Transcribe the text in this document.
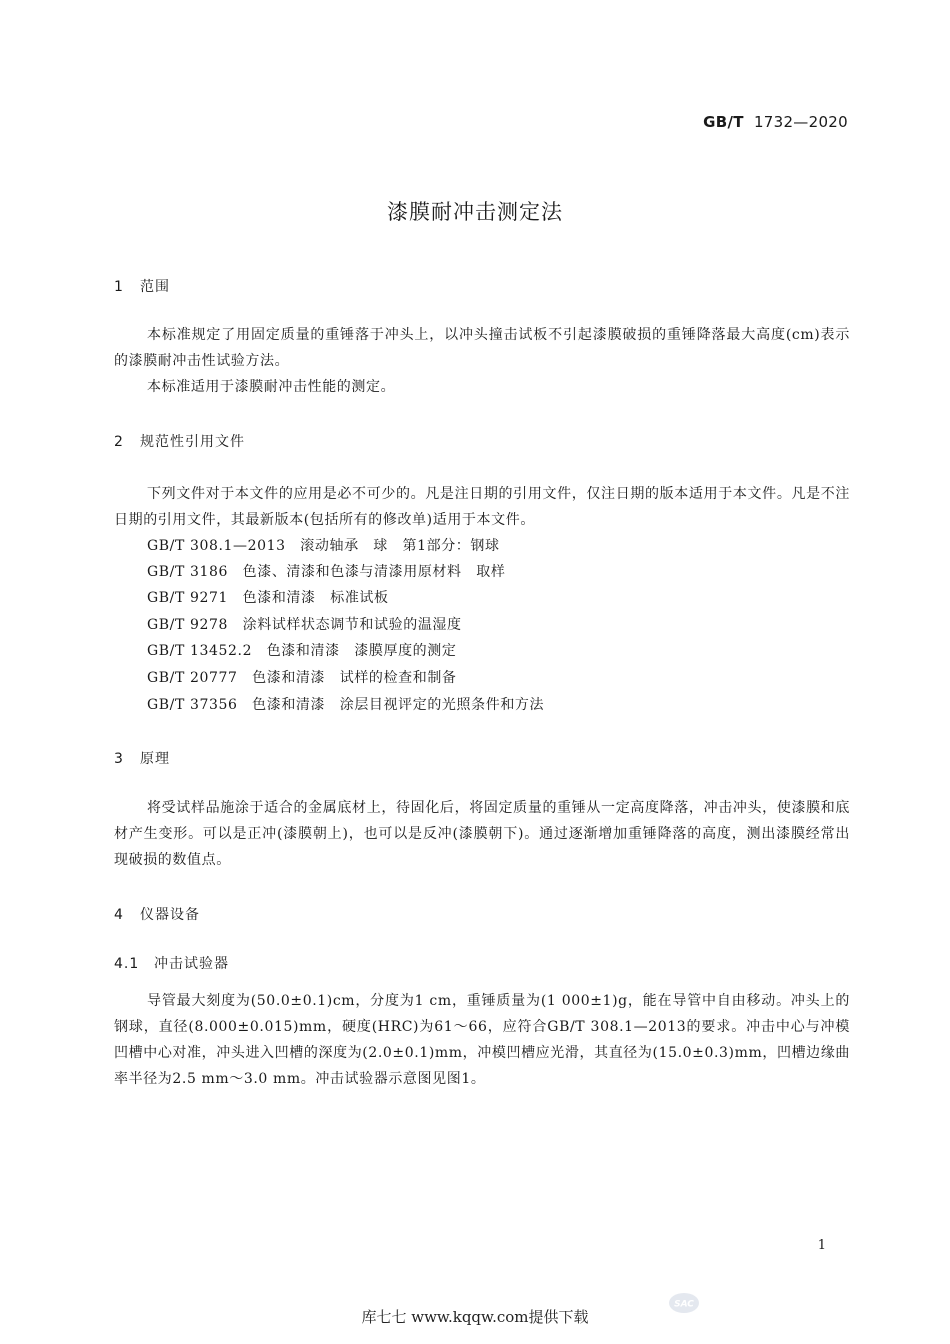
GB/T 1732—2020
漆膜耐冲击测定法
1 范围
本标准规定了用固定质量的重锤落于冲头上，以冲头撞击试板不引起漆膜破损的重锤降落最大高度(cm)表示的漆膜耐冲击性试验方法。
本标准适用于漆膜耐冲击性能的测定。
2 规范性引用文件
下列文件对于本文件的应用是必不可少的。凡是注日期的引用文件，仅注日期的版本适用于本文件。凡是不注日期的引用文件，其最新版本(包括所有的修改单)适用于本文件。
GB/T 308.1—2013　 滚动轴承　球　第1部分：钢球
GB/T 3186　 色漆、清漆和色漆与清漆用原材料　取样
GB/T 9271　 色漆和清漆　标准试板
GB/T 9278　 涂料试样状态调节和试验的温湿度
GB/T 13452.2　 色漆和清漆　漆膜厚度的测定
GB/T 20777　 色漆和清漆　试样的检查和制备
GB/T 37356　 色漆和清漆　涂层目视评定的光照条件和方法
3 原理
将受试样品施涂于适合的金属底材上，待固化后，将固定质量的重锤从一定高度降落，冲击冲头，使漆膜和底材产生变形。可以是正冲(漆膜朝上)，也可以是反冲(漆膜朝下)。通过逐渐增加重锤降落的高度，测出漆膜经常出现破损的数值点。
4 仪器设备
4.1 冲击试验器
导管最大刻度为(50.0±0.1)cm，分度为1 cm，重锤质量为(1 000±1)g，能在导管中自由移动。冲头上的钢球，直径(8.000±0.015)mm，硬度(HRC)为61～66，应符合GB/T 308.1—2013的要求。冲击中心与冲模凹槽中心对准，冲头进入凹槽的深度为(2.0±0.1)mm，冲模凹槽应光滑，其直径为(15.0±0.3)mm，凹槽边缘曲率半径为2.5 mm～3.0 mm。冲击试验器示意图见图1。
1
SAC
库七七 www.kqqw.com提供下载
